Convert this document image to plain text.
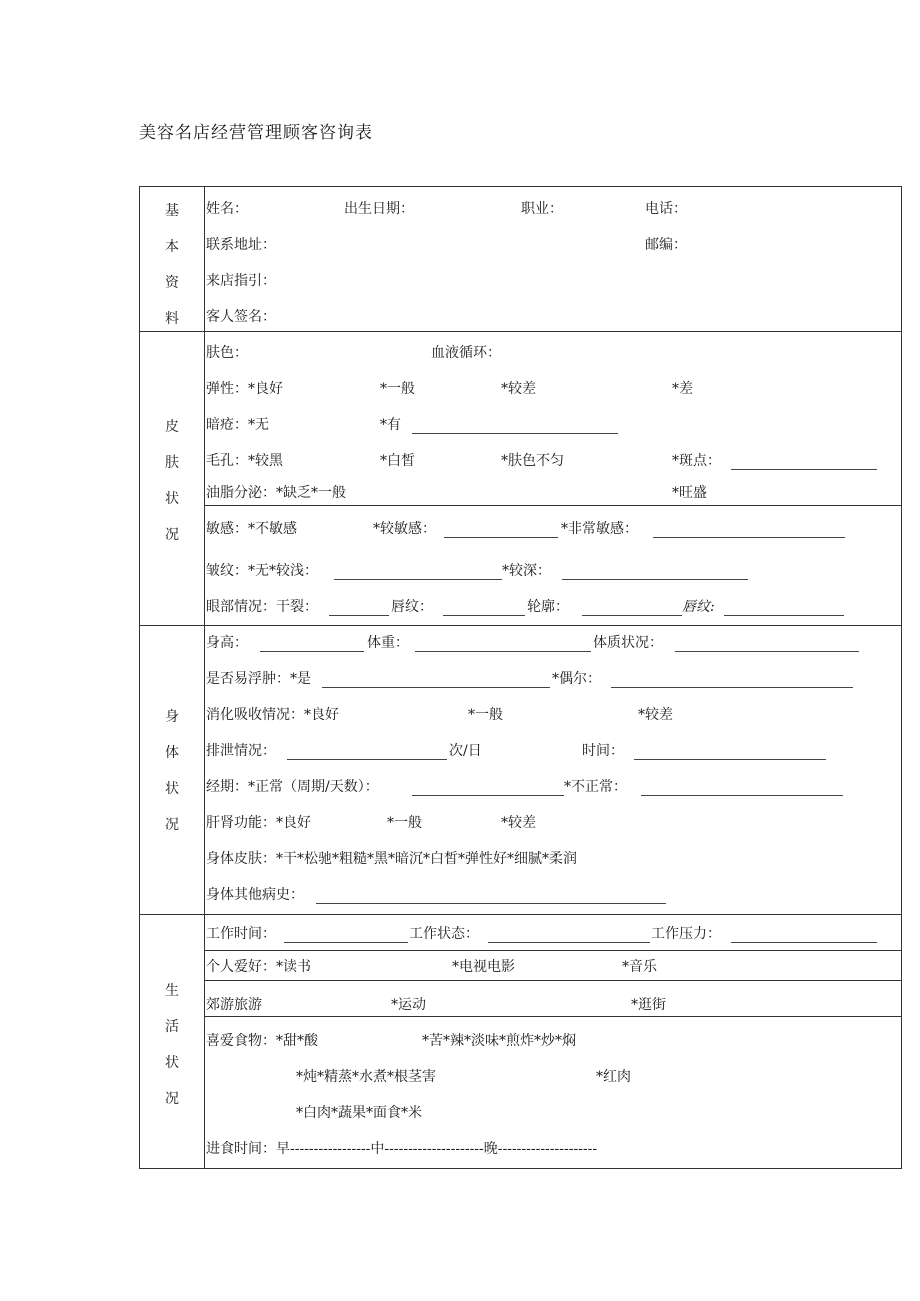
美容名店经营管理顾客咨询表
基
本
资
料
姓名：	出生日期：	职业：	电话：
联系地址：	邮编：
来店指引：
客人签名：
皮
肤
状
况
肤色：	血液循环：
弹性：*良好	*一般	*较差	*差
暗疮：*无	*有
毛孔：*较黑	*白皙	*肤色不匀	*斑点：
油脂分泌：*缺乏*一般	*旺盛
敏感：*不敏感	*较敏感：	*非常敏感：
皱纹：*无*较浅：	*较深：
眼部情况：干裂：	唇纹：	轮廓：	唇纹:
身
体
状
况
身高：	体重：	体质状况：
是否易浮肿：*是	*偶尔：
消化吸收情况：*良好	*一般	*较差
排泄情况：	次/日	时间：
经期：*正常（周期/天数）：	*不正常：
肝肾功能：*良好	*一般	*较差
身体皮肤：*干*松驰*粗糙*黑*暗沉*白皙*弹性好*细腻*柔润
身体其他病史：
生
活
状
况
工作时间：	工作状态：	工作压力：
个人爱好：*读书	*电视电影	*音乐
郊游旅游	*运动	*逛街
喜爱食物：*甜*酸	*苦*辣*淡味*煎炸*炒*焖
*炖*精蒸*水煮*根茎害	*红肉
*白肉*蔬果*面食*米
进食时间：早-----------------中---------------------晚---------------------
